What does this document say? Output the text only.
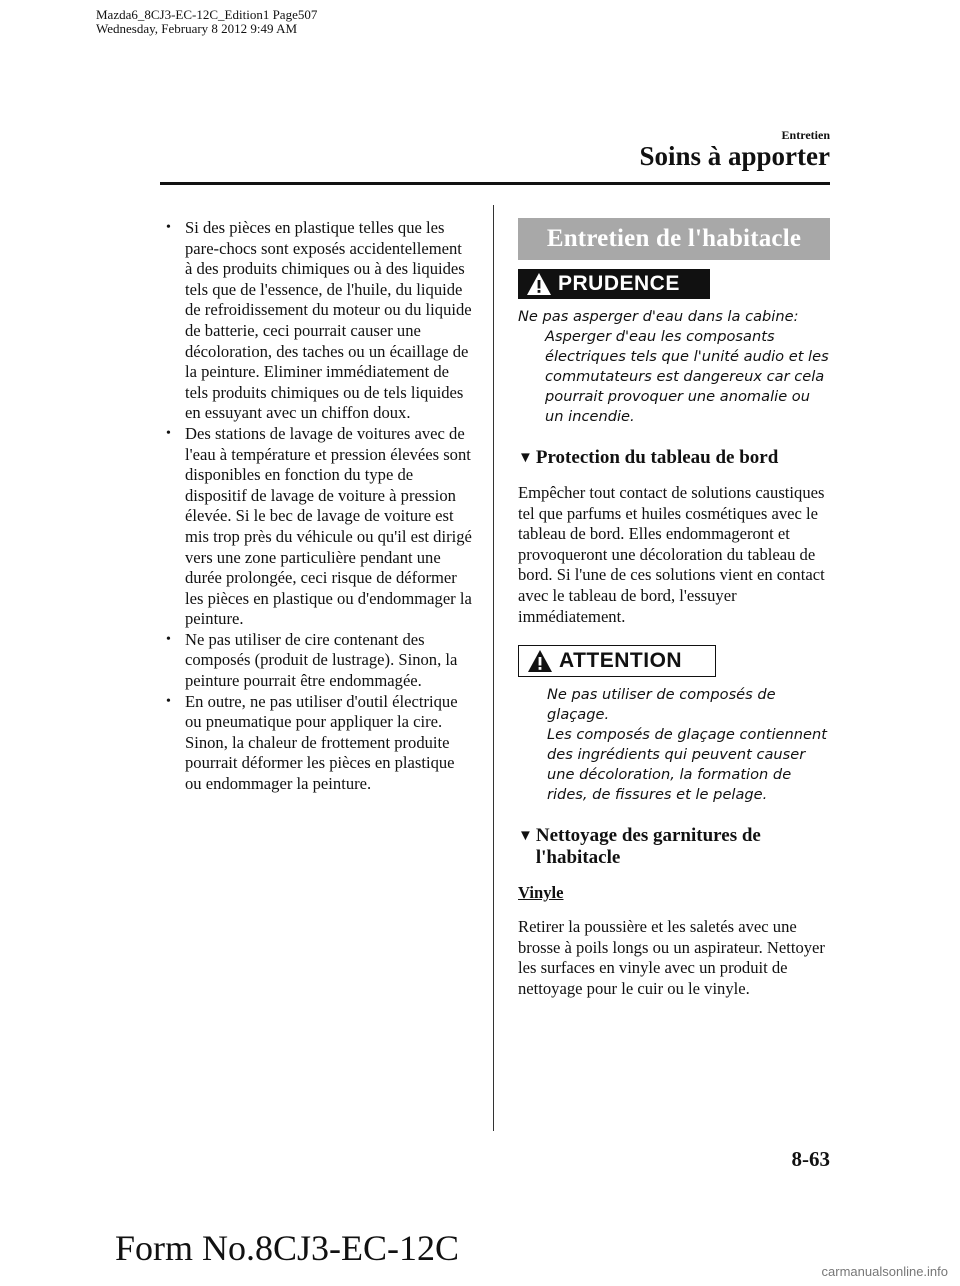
Mazda6_8CJ3-EC-12C_Edition1 Page507
Wednesday, February 8 2012 9:49 AM
Entretien
Soins à apporter
• Si des pièces en plastique telles que les pare-chocs sont exposés accidentellement à des produits chimiques ou à des liquides tels que de l'essence, de l'huile, du liquide de refroidissement du moteur ou du liquide de batterie, ceci pourrait causer une décoloration, des taches ou un écaillage de la peinture. Eliminer immédiatement de tels produits chimiques ou de tels liquides en essuyant avec un chiffon doux.
• Des stations de lavage de voitures avec de l'eau à température et pression élevées sont disponibles en fonction du type de dispositif de lavage de voiture à pression élevée. Si le bec de lavage de voiture est mis trop près du véhicule ou qu'il est dirigé vers une zone particulière pendant une durée prolongée, ceci risque de déformer les pièces en plastique ou d'endommager la peinture.
• Ne pas utiliser de cire contenant des composés (produit de lustrage). Sinon, la peinture pourrait être endommagée.
• En outre, ne pas utiliser d'outil électrique ou pneumatique pour appliquer la cire. Sinon, la chaleur de frottement produite pourrait déformer les pièces en plastique ou endommager la peinture.
Entretien de l'habitacle
PRUDENCE
Ne pas asperger d'eau dans la cabine:
Asperger d'eau les composants électriques tels que l'unité audio et les commutateurs est dangereux car cela pourrait provoquer une anomalie ou un incendie.
▼ Protection du tableau de bord
Empêcher tout contact de solutions caustiques tel que parfums et huiles cosmétiques avec le tableau de bord. Elles endommageront et provoqueront une décoloration du tableau de bord. Si l'une de ces solutions vient en contact avec le tableau de bord, l'essuyer immédiatement.
ATTENTION
Ne pas utiliser de composés de glaçage.
Les composés de glaçage contiennent des ingrédients qui peuvent causer une décoloration, la formation de rides, de fissures et le pelage.
▼ Nettoyage des garnitures de l'habitacle
Vinyle
Retirer la poussière et les saletés avec une brosse à poils longs ou un aspirateur. Nettoyer les surfaces en vinyle avec un produit de nettoyage pour le cuir ou le vinyle.
8-63
Form No.8CJ3-EC-12C
carmanualsonline.info
